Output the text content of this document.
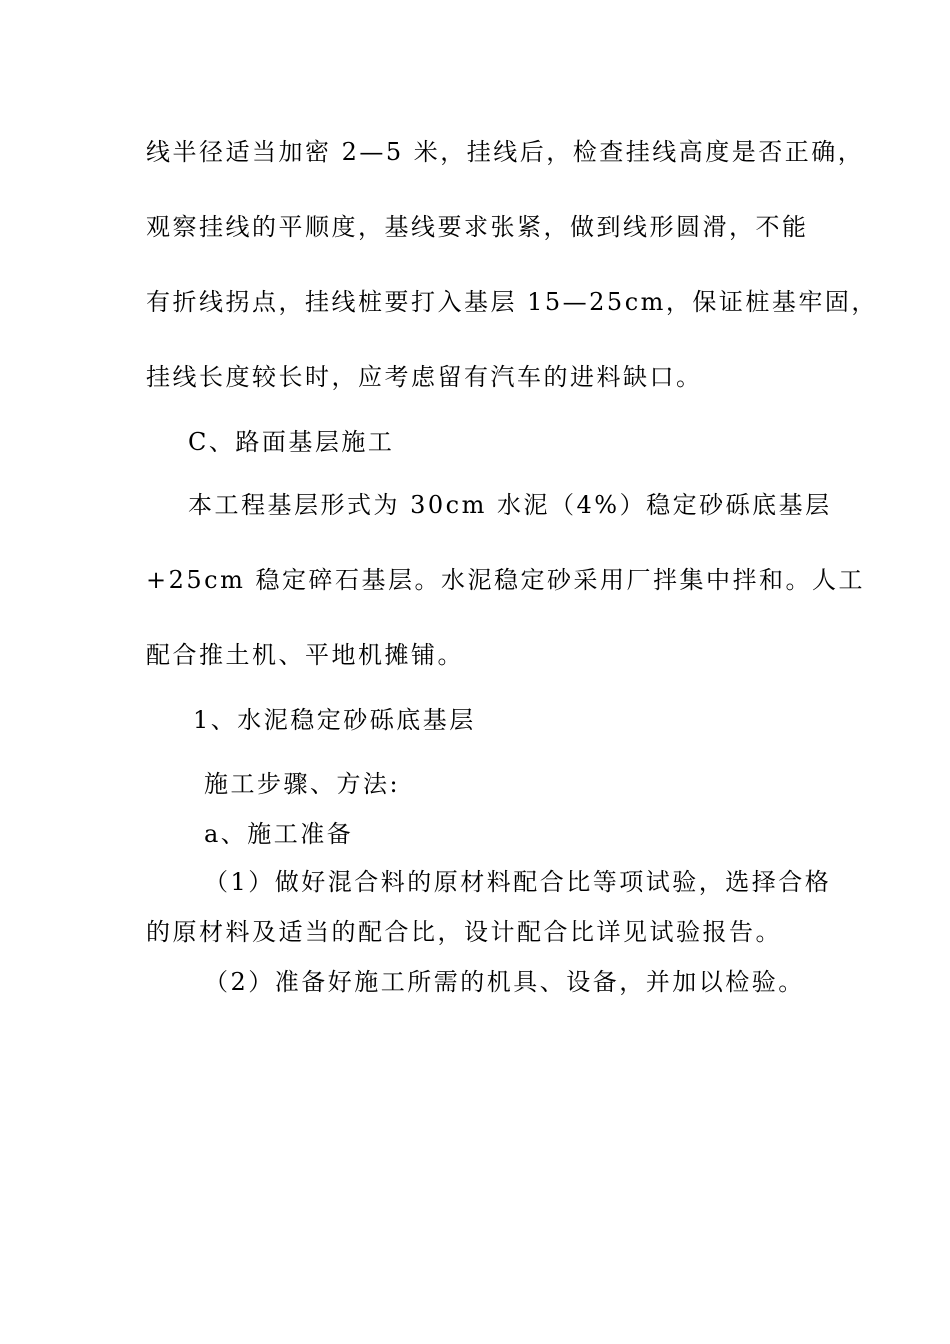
线半径适当加密 2—5 米，挂线后，检查挂线高度是否正确，

观察挂线的平顺度，基线要求张紧，做到线形圆滑，不能

有折线拐点，挂线桩要打入基层 15—25cm，保证桩基牢固，

挂线长度较长时，应考虑留有汽车的进料缺口。

C、路面基层施工

本工程基层形式为 30cm 水泥（4%）稳定砂砾底基层

+25cm 稳定碎石基层。水泥稳定砂采用厂拌集中拌和。人工

配合推土机、平地机摊铺。

1、水泥稳定砂砾底基层

施工步骤、方法:

a、施工准备

（1）做好混合料的原材料配合比等项试验，选择合格

的原材料及适当的配合比，设计配合比详见试验报告。

（2）准备好施工所需的机具、设备，并加以检验。
